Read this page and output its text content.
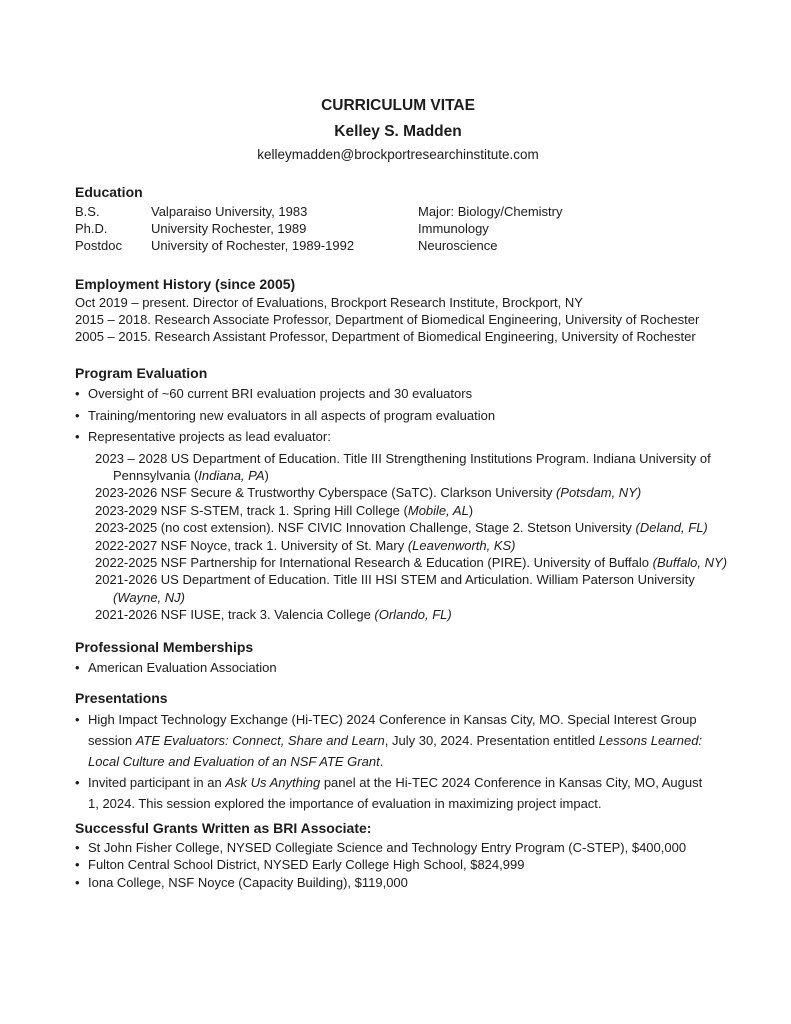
CURRICULUM VITAE
Kelley S. Madden
kelleymadden@brockportresearchinstitute.com
Education
B.S.	Valparaiso University, 1983	Major: Biology/Chemistry
Ph.D.	University Rochester, 1989	Immunology
Postdoc	University of Rochester, 1989-1992	Neuroscience
Employment History (since 2005)
Oct 2019 – present. Director of Evaluations, Brockport Research Institute, Brockport, NY
2015 – 2018. Research Associate Professor, Department of Biomedical Engineering, University of Rochester
2005 – 2015. Research Assistant Professor, Department of Biomedical Engineering, University of Rochester
Program Evaluation
• Oversight of ~60 current BRI evaluation projects and 30 evaluators
• Training/mentoring new evaluators in all aspects of program evaluation
• Representative projects as lead evaluator:
2023 – 2028 US Department of Education. Title III Strengthening Institutions Program. Indiana University of
Pennsylvania (Indiana, PA)
2023-2026 NSF Secure & Trustworthy Cyberspace (SaTC). Clarkson University (Potsdam, NY)
2023-2029 NSF S-STEM, track 1. Spring Hill College (Mobile, AL)
2023-2025 (no cost extension). NSF CIVIC Innovation Challenge, Stage 2. Stetson University (Deland, FL)
2022-2027 NSF Noyce, track 1. University of St. Mary (Leavenworth, KS)
2022-2025 NSF Partnership for International Research & Education (PIRE). University of Buffalo (Buffalo, NY)
2021-2026 US Department of Education. Title III HSI STEM and Articulation. William Paterson University
(Wayne, NJ)
2021-2026 NSF IUSE, track 3. Valencia College (Orlando, FL)
Professional Memberships
• American Evaluation Association
Presentations
• High Impact Technology Exchange (Hi-TEC) 2024 Conference in Kansas City, MO. Special Interest Group
session ATE Evaluators: Connect, Share and Learn, July 30, 2024. Presentation entitled Lessons Learned:
Local Culture and Evaluation of an NSF ATE Grant.
• Invited participant in an Ask Us Anything panel at the Hi-TEC 2024 Conference in Kansas City, MO, August
1, 2024. This session explored the importance of evaluation in maximizing project impact.
Successful Grants Written as BRI Associate:
• St John Fisher College, NYSED Collegiate Science and Technology Entry Program (C-STEP), $400,000
• Fulton Central School District, NYSED Early College High School, $824,999
• Iona College, NSF Noyce (Capacity Building), $119,000
